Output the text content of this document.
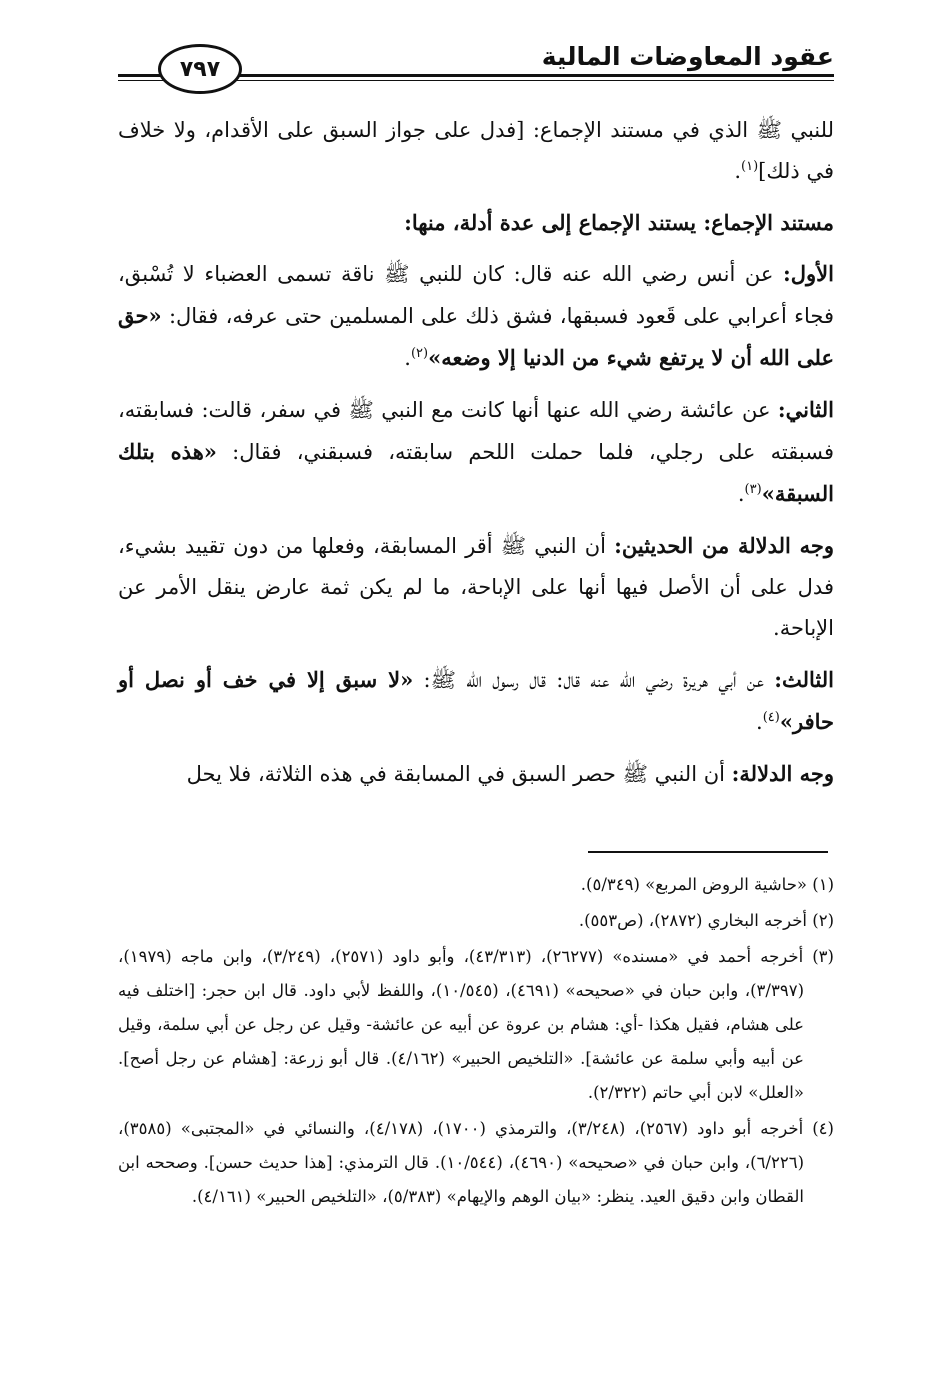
عقود المعاوضات المالية
٧٩٧

للنبي ﷺ الذي في مستند الإجماع: [فدل على جواز السبق على الأقدام، ولا خلاف في ذلك]$^{(١)}$.

مستند الإجماع: يستند الإجماع إلى عدة أدلة، منها:

الأول: عن أنس رضي الله عنه قال: كان للنبي ﷺ ناقة تسمى العضباء لا تُسْبق، فجاء أعرابي على قَعود فسبقها، فشق ذلك على المسلمين حتى عرفه، فقال: «حق على الله أن لا يرتفع شيء من الدنيا إلا وضعه»$^{(٢)}$.

الثاني: عن عائشة رضي الله عنها أنها كانت مع النبي ﷺ في سفر، قالت: فسابقته، فسبقته على رجلي، فلما حملت اللحم سابقته، فسبقني، فقال: «هذه بتلك السبقة»$^{(٣)}$.

وجه الدلالة من الحديثين: أن النبي ﷺ أقر المسابقة، وفعلها من دون تقييد بشيء، فدل على أن الأصل فيها أنها على الإباحة، ما لم يكن ثمة عارض ينقل الأمر عن الإباحة.

الثالث: عن أبي هريرة رضي الله عنه قال: قال رسول الله ﷺ: «لا سبق إلا في خف أو نصل أو حافر»$^{(٤)}$.

وجه الدلالة: أن النبي ﷺ حصر السبق في المسابقة في هذه الثلاثة، فلا يحل

(١) «حاشية الروض المربع» (٥/٣٤٩).

(٢) أخرجه البخاري (٢٨٧٢)، (ص٥٥٣).

(٣) أخرجه أحمد في «مسنده» (٢٦٢٧٧)، (٤٣/٣١٣)، وأبو داود (٢٥٧١)، (٣/٢٤٩)، وابن ماجه (١٩٧٩)، (٣/٣٩٧)، وابن حبان في «صحيحه» (٤٦٩١)، (١٠/٥٤٥)، واللفظ لأبي داود. قال ابن حجر: [اختلف فيه على هشام، فقيل هكذا -أي: هشام بن عروة عن أبيه عن عائشة- وقيل عن رجل عن أبي سلمة، وقيل عن أبيه وأبي سلمة عن عائشة]. «التلخيص الحبير» (٤/١٦٢). قال أبو زرعة: [هشام عن رجل أصح]. «العلل» لابن أبي حاتم (٢/٣٢٢).

(٤) أخرجه أبو داود (٢٥٦٧)، (٣/٢٤٨)، والترمذي (١٧٠٠)، (٤/١٧٨)، والنسائي في «المجتبى» (٣٥٨٥)، (٦/٢٢٦)، وابن حبان في «صحيحه» (٤٦٩٠)، (١٠/٥٤٤). قال الترمذي: [هذا حديث حسن]. وصححه ابن القطان وابن دقيق العيد. ينظر: «بيان الوهم والإيهام» (٥/٣٨٣)، «التلخيص الحبير» (٤/١٦١).
